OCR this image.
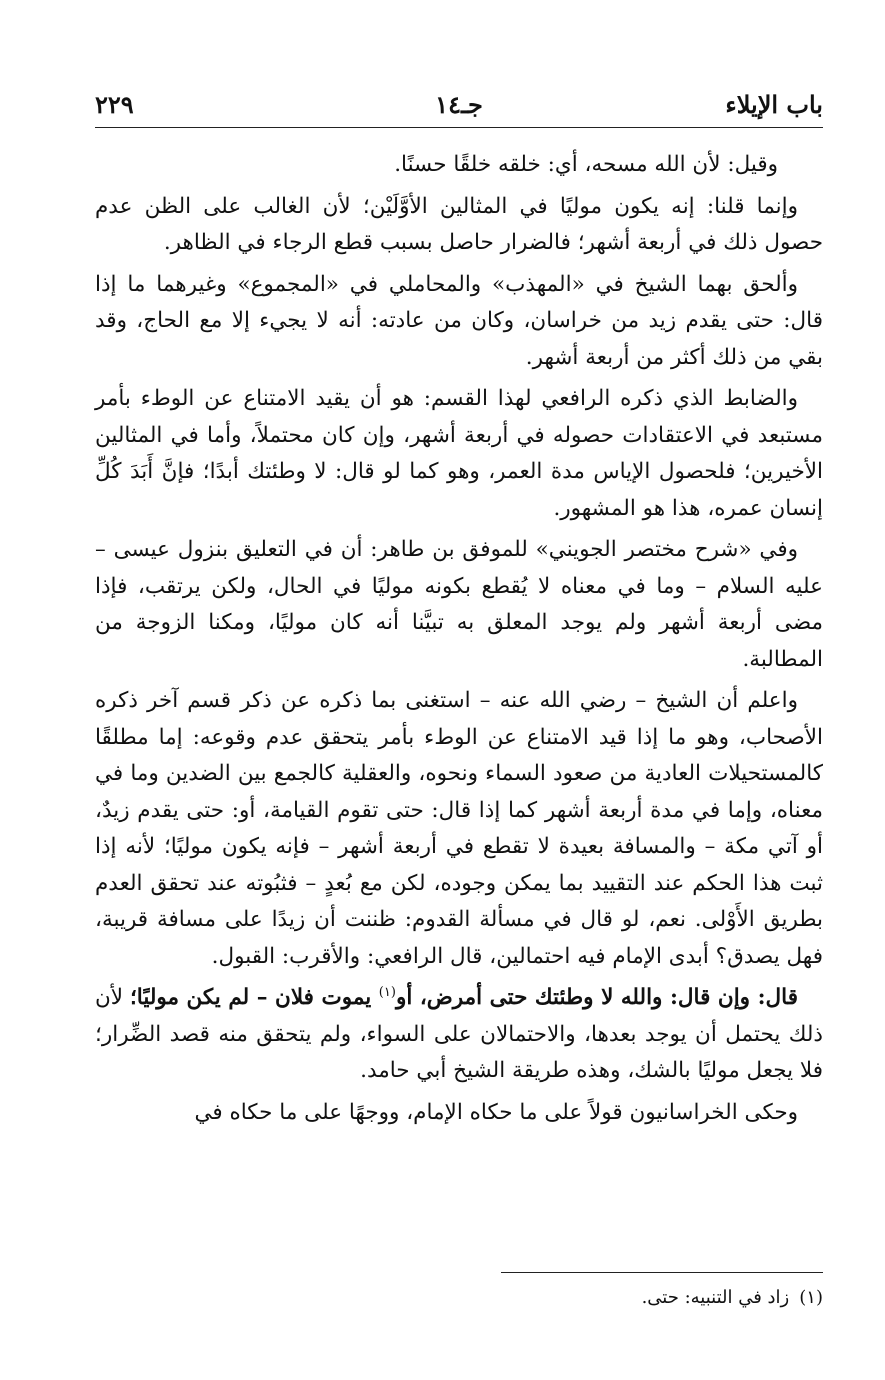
باب الإيلاء
جـ١٤
٢٢٩

وقيل: لأن الله مسحه، أي: خلقه خلقًا حسنًا.

وإنما قلنا: إنه يكون موليًا في المثالين الأوَّلَيْن؛ لأن الغالب على الظن عدم حصول ذلك في أربعة أشهر؛ فالضرار حاصل بسبب قطع الرجاء في الظاهر.

وألحق بهما الشيخ في «المهذب» والمحاملي في «المجموع» وغيرهما ما إذا قال: حتى يقدم زيد من خراسان، وكان من عادته: أنه لا يجيء إلا مع الحاج، وقد بقي من ذلك أكثر من أربعة أشهر.

والضابط الذي ذكره الرافعي لهذا القسم: هو أن يقيد الامتناع عن الوطء بأمر مستبعد في الاعتقادات حصوله في أربعة أشهر، وإن كان محتملاً، وأما في المثالين الأخيرين؛ فلحصول الإياس مدة العمر، وهو كما لو قال: لا وطئتك أبدًا؛ فإنَّ أَبَدَ كُلِّ إنسان عمره، هذا هو المشهور.

وفي «شرح مختصر الجويني» للموفق بن طاهر: أن في التعليق بنزول عيسى – عليه السلام – وما في معناه لا يُقطع بكونه موليًا في الحال، ولكن يرتقب، فإذا مضى أربعة أشهر ولم يوجد المعلق به تبيَّنا أنه كان موليًا، ومكنا الزوجة من المطالبة.

واعلم أن الشيخ – رضي الله عنه – استغنى بما ذكره عن ذكر قسم آخر ذكره الأصحاب، وهو ما إذا قيد الامتناع عن الوطء بأمر يتحقق عدم وقوعه: إما مطلقًا كالمستحيلات العادية من صعود السماء ونحوه، والعقلية كالجمع بين الضدين وما في معناه، وإما في مدة أربعة أشهر كما إذا قال: حتى تقوم القيامة، أو: حتى يقدم زيدٌ، أو آتي مكة – والمسافة بعيدة لا تقطع في أربعة أشهر – فإنه يكون موليًا؛ لأنه إذا ثبت هذا الحكم عند التقييد بما يمكن وجوده، لكن مع بُعدٍ – فثبُوته عند تحقق العدم بطريق الأَوْلى. نعم، لو قال في مسألة القدوم: ظننت أن زيدًا على مسافة قريبة، فهل يصدق؟ أبدى الإمام فيه احتمالين، قال الرافعي: والأقرب: القبول.

قال: وإن قال: والله لا وطئتك حتى أمرض، أو$^{(١)}$ يموت فلان – لم يكن موليًا؛ لأن ذلك يحتمل أن يوجد بعدها، والاحتمالان على السواء، ولم يتحقق منه قصد الضِّرار؛ فلا يجعل موليًا بالشك، وهذه طريقة الشيخ أبي حامد.

وحكى الخراسانيون قولاً على ما حكاه الإمام، ووجهًا على ما حكاه في

(١)زاد في التنبيه: حتى.
